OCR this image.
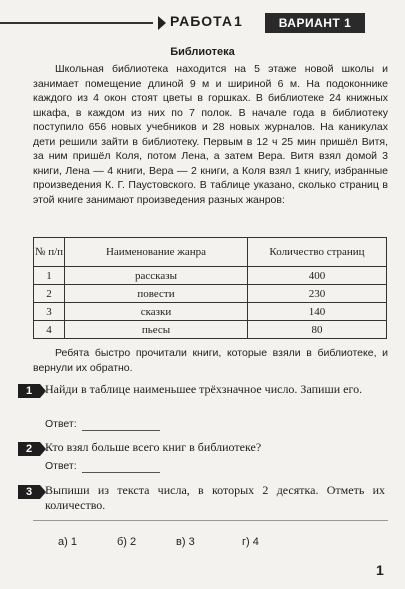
РАБОТА 1	ВАРИАНТ 1
Библиотека

Школьная библиотека находится на 5 этаже новой школы и занимает помещение длиной 9 м и шириной 6 м. На подоконнике каждого из 4 окон стоят цветы в горшках. В библиотеке 24 книжных шкафа, в каждом из них по 7 полок. В начале года в библиотеку поступило 656 новых учебников и 28 новых журналов. На каникулах дети решили зайти в библиотеку. Первым в 12 ч 25 мин пришёл Витя, за ним пришёл Коля, потом Лена, а затем Вера. Витя взял домой 3 книги, Лена — 4 книги, Вера — 2 книги, а Коля взял 1 книгу, избранные произведения К. Г. Паустовского. В таблице указано, сколько страниц в этой книге занимают произведения разных жанров:

№ п/п	Наименование жанра	Количество страниц
1	рассказы	400
2	повести	230
3	сказки	140
4	пьесы	80

Ребята быстро прочитали книги, которые взяли в библиотеке, и вернули их обратно.

1	Найди в таблице наименьшее трёхзначное число. Запиши его.

Ответ:
2	Кто взял больше всего книг в библиотеке?

Ответ:
3	Выпиши из текста числа, в которых 2 десятка. Отметь их количество.

а) 1	б) 2	в) 3	г) 4
1
